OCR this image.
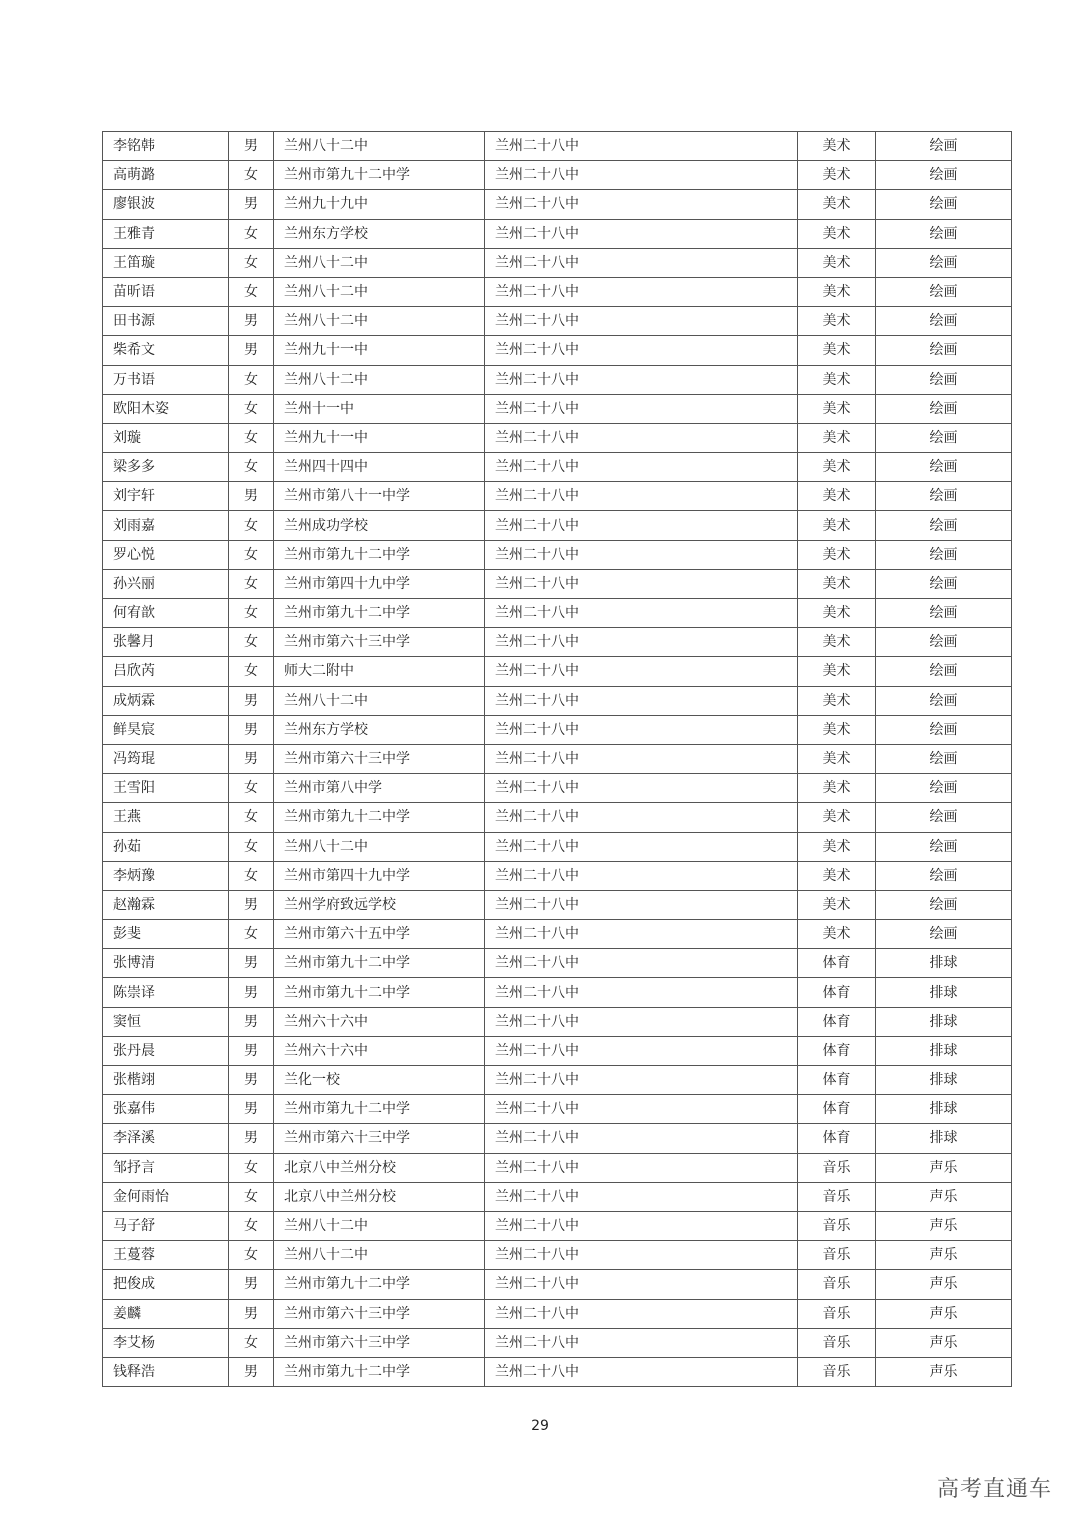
李铭韩	男	兰州八十二中	兰州二十八中	美术	绘画
高萌潞	女	兰州市第九十二中学	兰州二十八中	美术	绘画
廖银波	男	兰州九十九中	兰州二十八中	美术	绘画
王雅青	女	兰州东方学校	兰州二十八中	美术	绘画
王笛璇	女	兰州八十二中	兰州二十八中	美术	绘画
苗昕语	女	兰州八十二中	兰州二十八中	美术	绘画
田书源	男	兰州八十二中	兰州二十八中	美术	绘画
柴希文	男	兰州九十一中	兰州二十八中	美术	绘画
万书语	女	兰州八十二中	兰州二十八中	美术	绘画
欧阳木姿	女	兰州十一中	兰州二十八中	美术	绘画
刘璇	女	兰州九十一中	兰州二十八中	美术	绘画
梁多多	女	兰州四十四中	兰州二十八中	美术	绘画
刘宇轩	男	兰州市第八十一中学	兰州二十八中	美术	绘画
刘雨嘉	女	兰州成功学校	兰州二十八中	美术	绘画
罗心悦	女	兰州市第九十二中学	兰州二十八中	美术	绘画
孙兴丽	女	兰州市第四十九中学	兰州二十八中	美术	绘画
何宥歆	女	兰州市第九十二中学	兰州二十八中	美术	绘画
张馨月	女	兰州市第六十三中学	兰州二十八中	美术	绘画
吕欣芮	女	师大二附中	兰州二十八中	美术	绘画
成炳霖	男	兰州八十二中	兰州二十八中	美术	绘画
鲜昊宸	男	兰州东方学校	兰州二十八中	美术	绘画
冯筠琨	男	兰州市第六十三中学	兰州二十八中	美术	绘画
王雪阳	女	兰州市第八中学	兰州二十八中	美术	绘画
王燕	女	兰州市第九十二中学	兰州二十八中	美术	绘画
孙茹	女	兰州八十二中	兰州二十八中	美术	绘画
李炳豫	女	兰州市第四十九中学	兰州二十八中	美术	绘画
赵瀚霖	男	兰州学府致远学校	兰州二十八中	美术	绘画
彭斐	女	兰州市第六十五中学	兰州二十八中	美术	绘画
张博清	男	兰州市第九十二中学	兰州二十八中	体育	排球
陈崇译	男	兰州市第九十二中学	兰州二十八中	体育	排球
窦恒	男	兰州六十六中	兰州二十八中	体育	排球
张丹晨	男	兰州六十六中	兰州二十八中	体育	排球
张楷翊	男	兰化一校	兰州二十八中	体育	排球
张嘉伟	男	兰州市第九十二中学	兰州二十八中	体育	排球
李泽溪	男	兰州市第六十三中学	兰州二十八中	体育	排球
邹抒言	女	北京八中兰州分校	兰州二十八中	音乐	声乐
金何雨怡	女	北京八中兰州分校	兰州二十八中	音乐	声乐
马子舒	女	兰州八十二中	兰州二十八中	音乐	声乐
王蔓蓉	女	兰州八十二中	兰州二十八中	音乐	声乐
把俊成	男	兰州市第九十二中学	兰州二十八中	音乐	声乐
姜麟	男	兰州市第六十三中学	兰州二十八中	音乐	声乐
李艾杨	女	兰州市第六十三中学	兰州二十八中	音乐	声乐
钱释浩	男	兰州市第九十二中学	兰州二十八中	音乐	声乐
29
高考直通车
